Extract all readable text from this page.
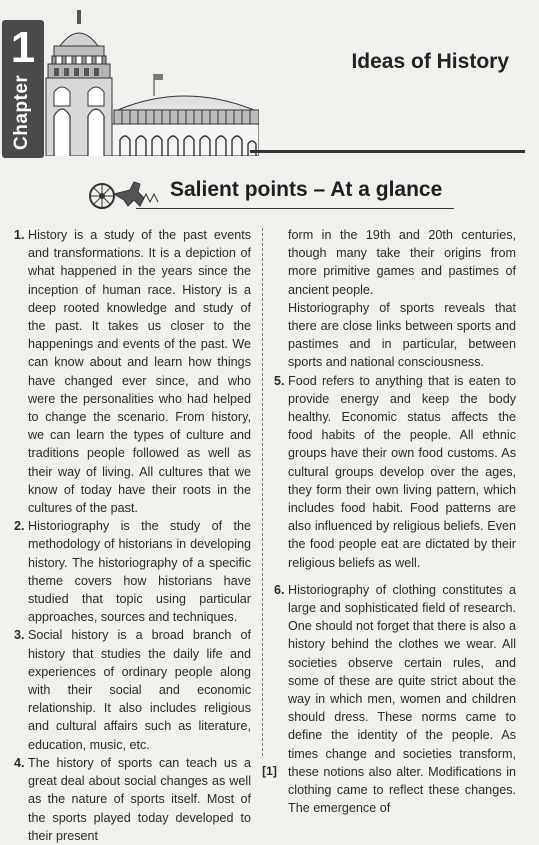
1
Chapter
Ideas of History
Salient points – At a glance
1. History is a study of the past events and transformations. It is a depiction of what happened in the years since the inception of human race. History is a deep rooted knowledge and study of the past. It takes us closer to the happenings and events of the past. We can know about and learn how things have changed ever since, and who were the personalities who had helped to change the scenario. From history, we can learn the types of culture and traditions people followed as well as their way of living. All cultures that we know of today have their roots in the cultures of the past.
2. Historiography is the study of the methodology of historians in developing history. The historiography of a specific theme covers how historians have studied that topic using particular approaches, sources and techniques.
3. Social history is a broad branch of history that studies the daily life and experiences of ordinary people along with their social and economic relationship. It also includes religious and cultural affairs such as literature, education, music, etc.
4. The history of sports can teach us a great deal about social changes as well as the nature of sports itself. Most of the sports played today developed to their present

form in the 19th and 20th centuries, though many take their origins from more primitive games and pastimes of ancient people.

Historiography of sports reveals that there are close links between sports and pastimes and in particular, between sports and national consciousness.

5. Food refers to anything that is eaten to provide energy and keep the body healthy. Economic status affects the food habits of the people. All ethnic groups have their own food customs. As cultural groups develop over the ages, they form their own living pattern, which includes food habit. Food patterns are also influenced by religious beliefs. Even the food people eat are dictated by their religious beliefs as well.
6. Historiography of clothing constitutes a large and sophisticated field of research. One should not forget that there is also a history behind the clothes we wear. All societies observe certain rules, and some of these are quite strict about the way in which men, women and children should dress. These norms came to define the identity of the people. As times change and societies transform, these notions also alter. Modifications in clothing came to reflect these changes. The emergence of
[1]
